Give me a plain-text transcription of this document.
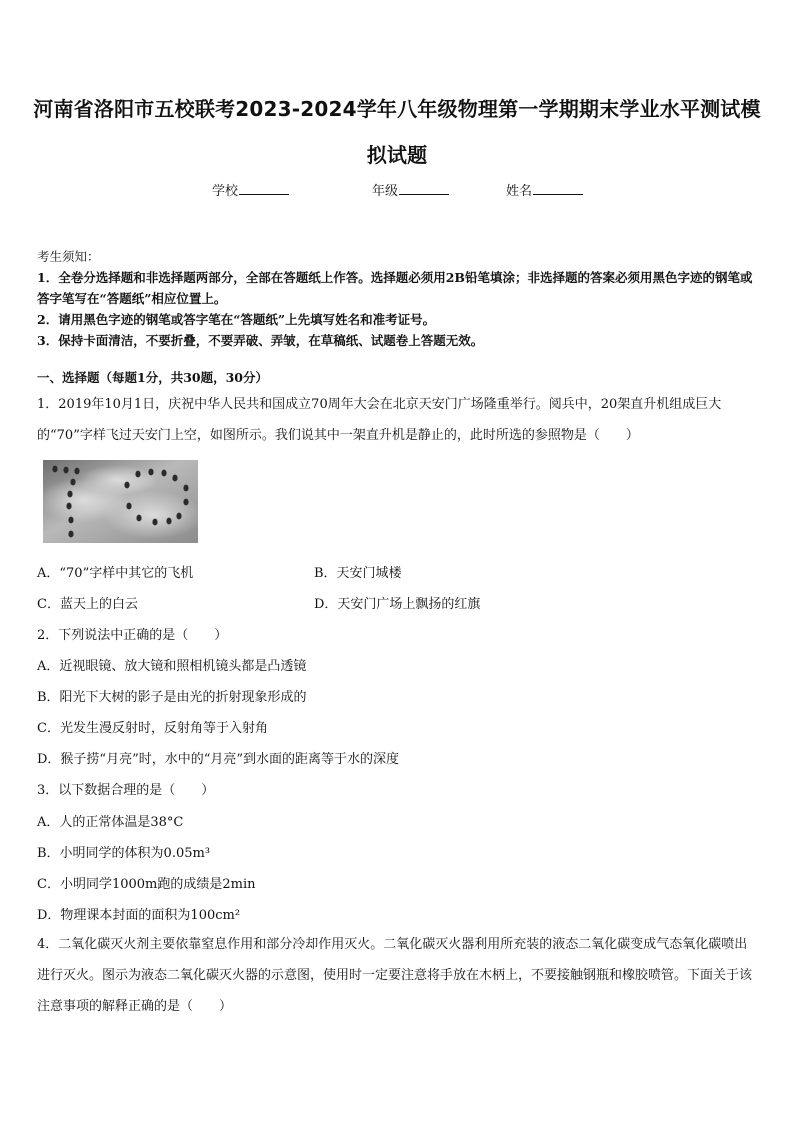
河南省洛阳市五校联考2023-2024学年八年级物理第一学期期末学业水平测试模拟试题
学校	年级	姓名
考生须知：
1．全卷分选择题和非选择题两部分，全部在答题纸上作答。选择题必须用2B铅笔填涂；非选择题的答案必须用黑色字迹的钢笔或答字笔写在“答题纸”相应位置上。
2．请用黑色字迹的钢笔或答字笔在“答题纸”上先填写姓名和准考证号。
3．保持卡面清洁，不要折叠，不要弄破、弄皱，在草稿纸、试题卷上答题无效。
一、选择题（每题1分，共30题，30分）
1．2019年10月1日，庆祝中华人民共和国成立70周年大会在北京天安门广场隆重举行。阅兵中，20架直升机组成巨大的“70”字样飞过天安门上空，如图所示。我们说其中一架直升机是静止的，此时所选的参照物是（　　）
A．“70”字样中其它的飞机	B．天安门城楼
C．蓝天上的白云	D．天安门广场上飘扬的红旗
2．下列说法中正确的是（　　）
A．近视眼镜、放大镜和照相机镜头都是凸透镜
B．阳光下大树的影子是由光的折射现象形成的
C．光发生漫反射时，反射角等于入射角
D．猴子捞“月亮”时，水中的“月亮”到水面的距离等于水的深度
3．以下数据合理的是（　　）
A．人的正常体温是38°C
B．小明同学的体积为0.05m³
C．小明同学1000m跑的成绩是2min
D．物理课本封面的面积为100cm²
4．二氧化碳灭火剂主要依靠窒息作用和部分冷却作用灭火。二氧化碳灭火器利用所充装的液态二氧化碳变成气态氧化碳喷出进行灭火。图示为液态二氧化碳灭火器的示意图，使用时一定要注意将手放在木柄上，不要接触钢瓶和橡胶喷管。下面关于该注意事项的解释正确的是（　　）
